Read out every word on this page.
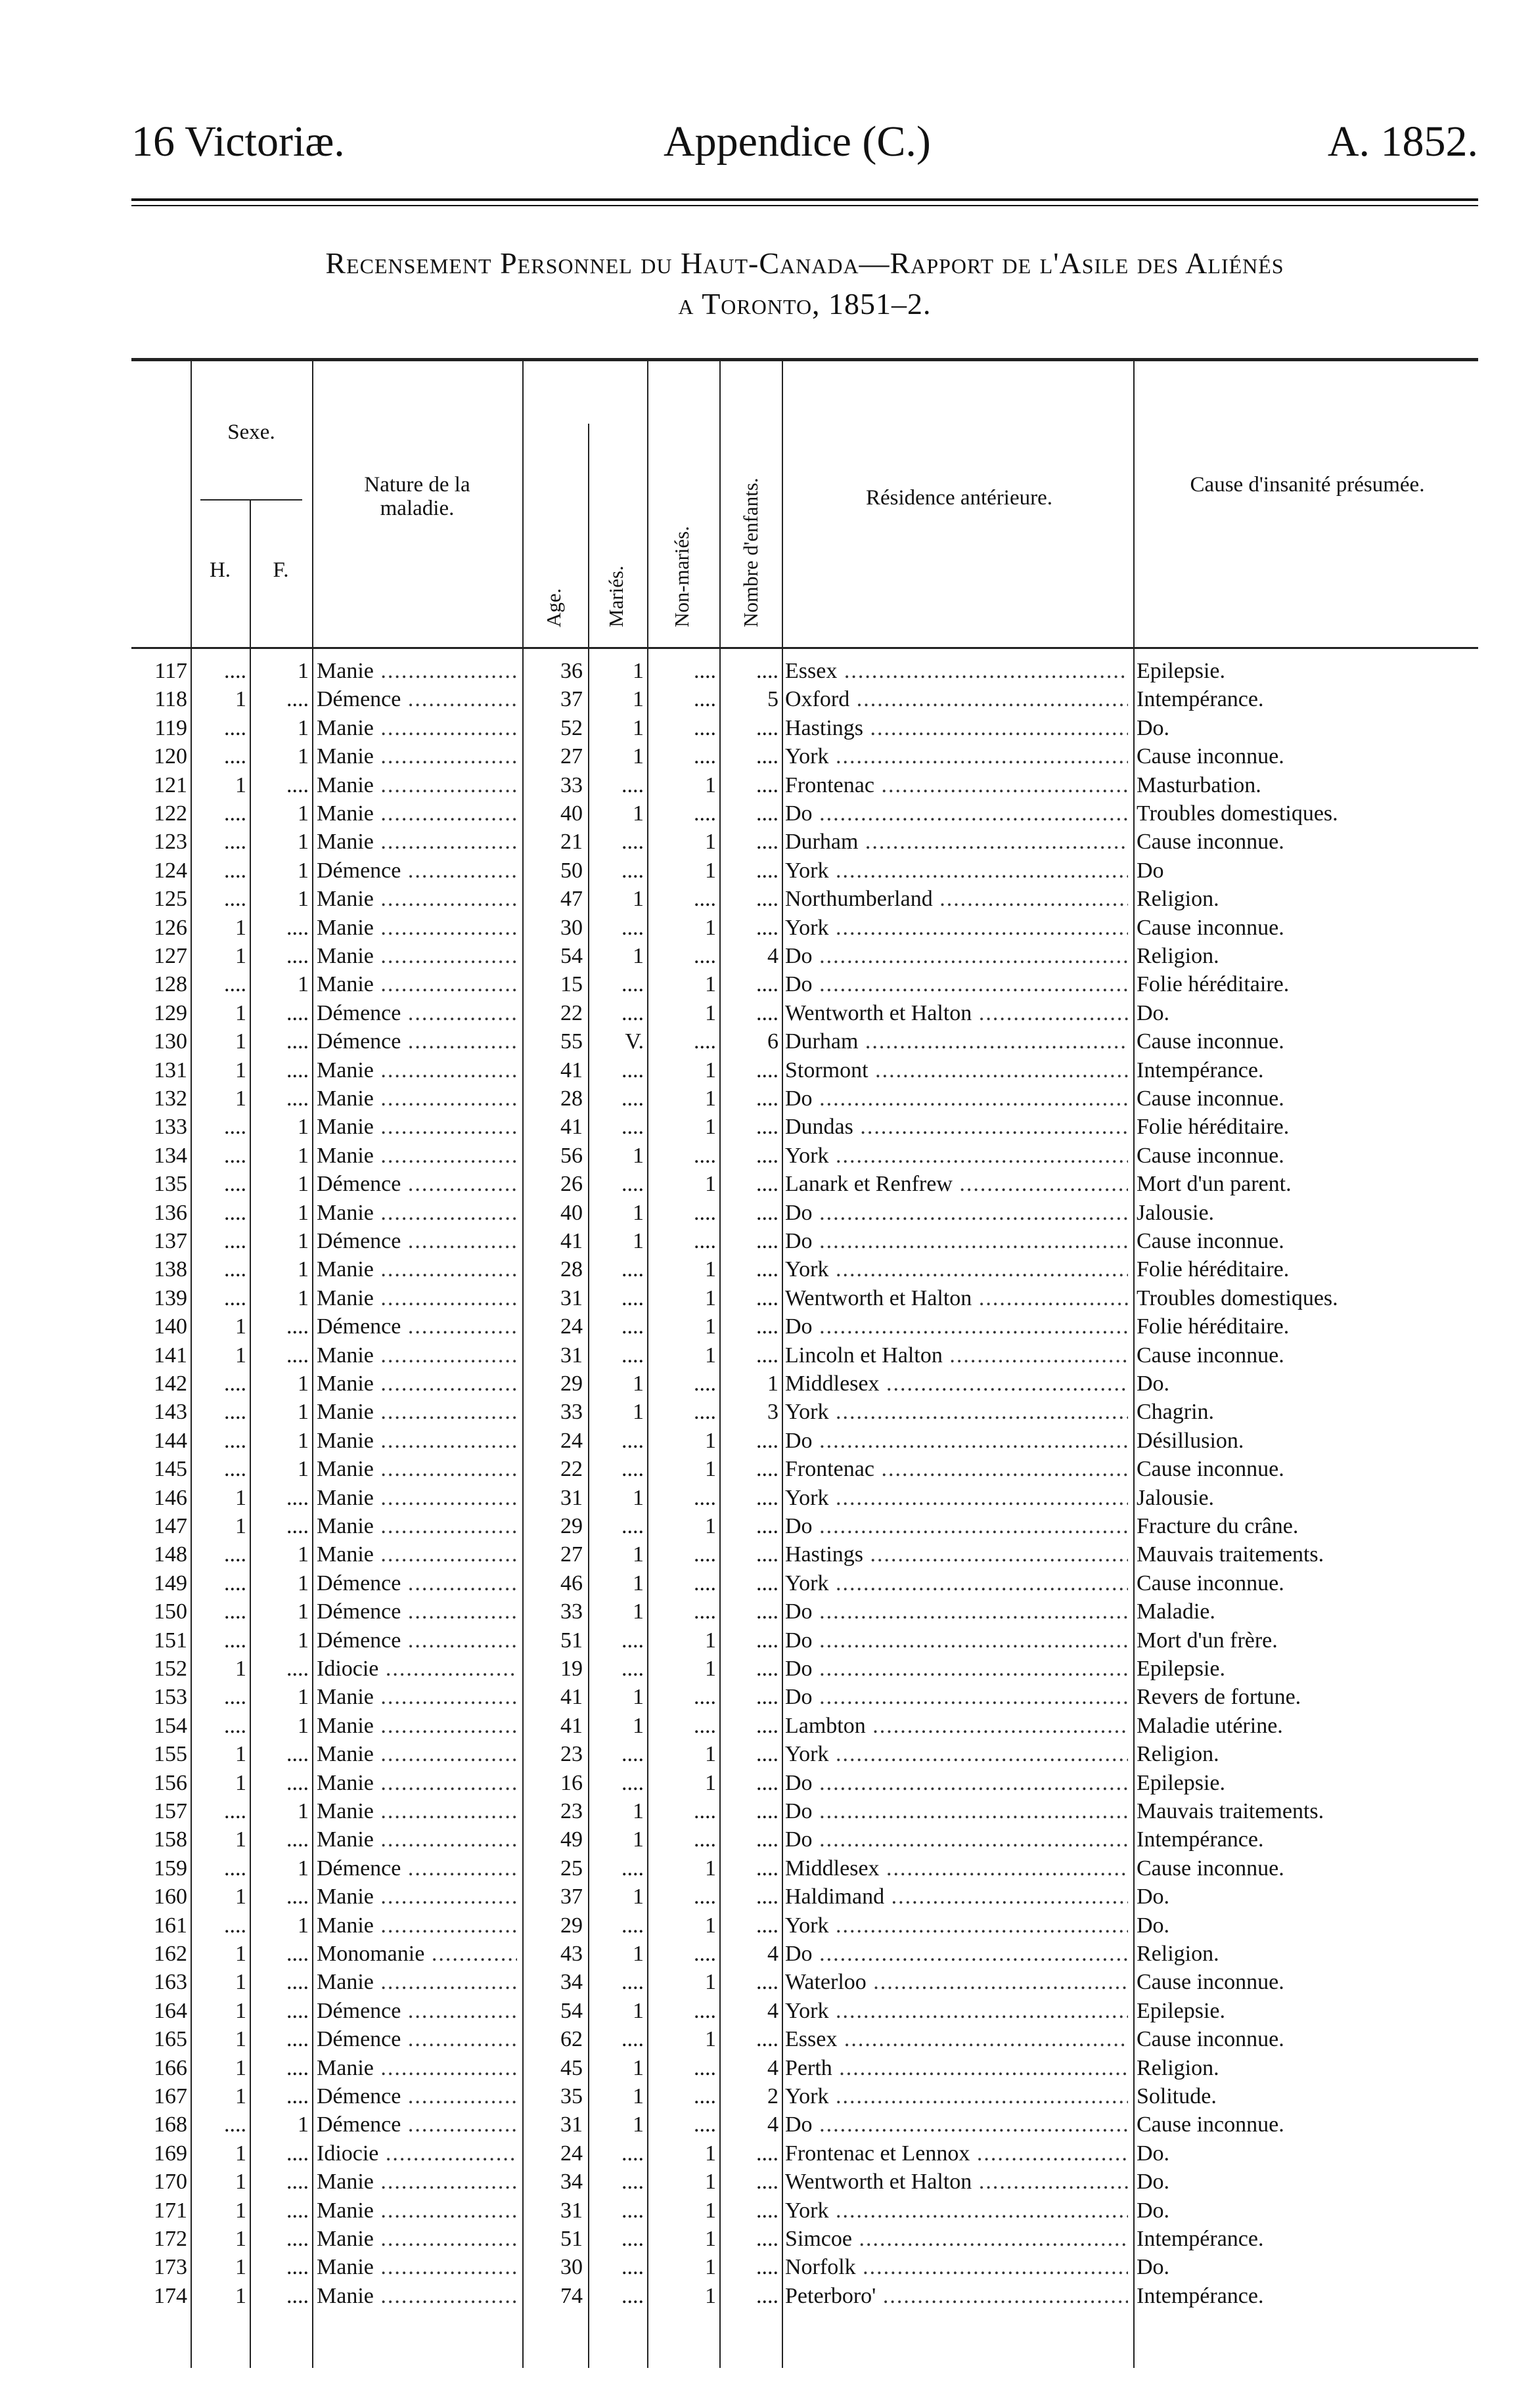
16 Victoriæ.	Appendice (C.)	A. 1852.
Recensement Personnel du Haut-Canada—Rapport de l'Asile des Aliénés
a Toronto, 1851–2.
Sexe.
H.	F.
Nature de la maladie.
Age. Mariés. Non-mariés. Nombre d'enfants.	Résidence antérieure.
Cause d'insanité présumée.
117	....	1 Manie .....	36	1	....	.... Essex .....	Epilepsie.
118	1	.... Démence .....	37	1	....	5 Oxford .....	Intempérance.
119	....	1 Manie .....	52	1	....	.... Hastings .....	Do.
120	....	1 Manie .....	27	1	....	.... York .....	Cause inconnue.
121	1	.... Manie .....	33	....	1	.... Frontenac .....	Masturbation.
122	....	1 Manie .....	40	1	....	.... Do .....	Troubles domestiques.
123	....	1 Manie .....	21	....	1	.... Durham .....	Cause inconnue.
124	....	1 Démence .....	50	....	1	.... York .....	Do
125	....	1 Manie .....	47	1	....	.... Northumberland .....	Religion.
126	1	.... Manie .....	30	....	1	.... York .....	Cause inconnue.
127	1	.... Manie .....	54	1	....	4 Do .....	Religion.
128	....	1 Manie .....	15	....	1	.... Do .....	Folie héréditaire.
129	1	.... Démence .....	22	....	1	.... Wentworth et Halton .....	Do.
130	1	.... Démence .....	55	V.	....	6 Durham .....	Cause inconnue.
131	1	.... Manie .....	41	....	1	.... Stormont .....	Intempérance.
132	1	.... Manie .....	28	....	1	.... Do .....	Cause inconnue.
133	....	1 Manie .....	41	....	1	.... Dundas .....	Folie héréditaire.
134	....	1 Manie .....	56	1	....	.... York .....	Cause inconnue.
135	....	1 Démence .....	26	....	1	.... Lanark et Renfrew .....	Mort d'un parent.
136	....	1 Manie .....	40	1	....	.... Do .....	Jalousie.
137	....	1 Démence .....	41	1	....	.... Do .....	Cause inconnue.
138	....	1 Manie .....	28	....	1	.... York .....	Folie héréditaire.
139	....	1 Manie .....	31	....	1	.... Wentworth et Halton .....	Troubles domestiques.
140	1	.... Démence .....	24	....	1	.... Do .....	Folie héréditaire.
141	1	.... Manie .....	31	....	1	.... Lincoln et Halton .....	Cause inconnue.
142	....	1 Manie .....	29	1	....	1 Middlesex .....	Do.
143	....	1 Manie .....	33	1	....	3 York .....	Chagrin.
144	....	1 Manie .....	24	....	1	.... Do .....	Désillusion.
145	....	1 Manie .....	22	....	1	.... Frontenac .....	Cause inconnue.
146	1	.... Manie .....	31	1	....	.... York .....	Jalousie.
147	1	.... Manie .....	29	....	1	.... Do .....	Fracture du crâne.
148	....	1 Manie .....	27	1	....	.... Hastings .....	Mauvais traitements.
149	....	1 Démence .....	46	1	....	.... York .....	Cause inconnue.
150	....	1 Démence .....	33	1	....	.... Do .....	Maladie.
151	....	1 Démence .....	51	....	1	.... Do .....	Mort d'un frère.
152	1	.... Idiocie .....	19	....	1	.... Do .....	Epilepsie.
153	....	1 Manie .....	41	1	....	.... Do .....	Revers de fortune.
154	....	1 Manie .....	41	1	....	.... Lambton .....	Maladie utérine.
155	1	.... Manie .....	23	....	1	.... York .....	Religion.
156	1	.... Manie .....	16	....	1	.... Do .....	Epilepsie.
157	....	1 Manie .....	23	1	....	.... Do .....	Mauvais traitements.
158	1	.... Manie .....	49	1	....	.... Do .....	Intempérance.
159	....	1 Démence .....	25	....	1	.... Middlesex .....	Cause inconnue.
160	1	.... Manie .....	37	1	....	.... Haldimand .....	Do.
161	....	1 Manie .....	29	....	1	.... York .....	Do.
162	1	.... Monomanie .....	43	1	....	4 Do .....	Religion.
163	1	.... Manie .....	34	....	1	.... Waterloo .....	Cause inconnue.
164	1	.... Démence .....	54	1	....	4 York .....	Epilepsie.
165	1	.... Démence .....	62	....	1	.... Essex .....	Cause inconnue.
166	1	.... Manie .....	45	1	....	4 Perth .....	Religion.
167	1	.... Démence .....	35	1	....	2 York .....	Solitude.
168	....	1 Démence .....	31	1	....	4 Do .....	Cause inconnue.
169	1	.... Idiocie .....	24	....	1	.... Frontenac et Lennox .....	Do.
170	1	.... Manie .....	34	....	1	.... Wentworth et Halton .....	Do.
171	1	.... Manie .....	31	....	1	.... York .....	Do.
172	1	.... Manie .....	51	....	1	.... Simcoe .....	Intempérance.
173	1	.... Manie .....	30	....	1	.... Norfolk .....	Do.
174	1	.... Manie .....	74	....	1	.... Peterboro' .....	Intempérance.
